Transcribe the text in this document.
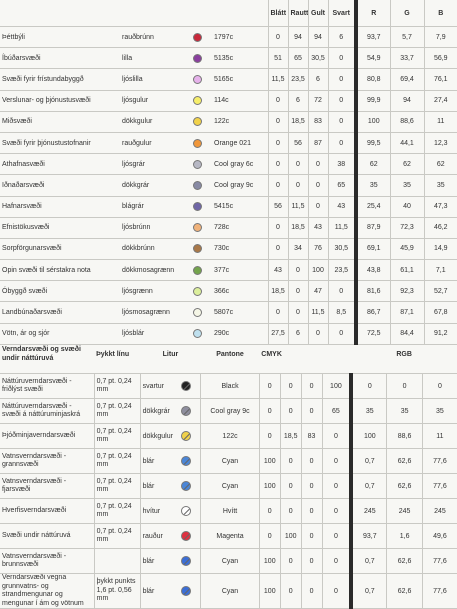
				Blátt	Rautt	Gult	Svart	R	G	B
Þéttbýli	rauðbrúnn		1797c	0	94	94	6	93,7	5,7	7,9
Íbúðarsvæði	lilla		5135c	51	65	30,5	0	54,9	33,7	56,9
Svæði fyrir frístundabyggð	ljóslilla		5165c	11,5	23,5	6	0	80,8	69,4	76,1
Verslunar- og þjónustusvæði	ljósgulur		114c	0	6	72	0	99,9	94	27,4
Miðsvæði	dökkgulur		122c	0	18,5	83	0	100	88,6	11
Svæði fyrir þjónustustofnanir	rauðgulur		Orange 021	0	56	87	0	99,5	44,1	12,3
Athafnasvæði	ljósgrár		Cool gray 6c	0	0	0	38	62	62	62
Iðnaðarsvæði	dökkgrár		Cool gray 9c	0	0	0	65	35	35	35
Hafnarsvæði	blágrár		5415c	56	11,5	0	43	25,4	40	47,3
Efnistökusvæði	ljósbrúnn		728c	0	18,5	43	11,5	87,9	72,3	46,2
Sorpförgunarsvæði	dökkbrúnn		730c	0	34	76	30,5	69,1	45,9	14,9
Opin svæði til sérstakra nota	dökkmosagrænn		377c	43	0	100	23,5	43,8	61,1	7,1
Óbyggð svæði	ljósgrænn		366c	18,5	0	47	0	81,6	92,3	52,7
Landbúnaðarsvæði	ljósmosagrænn		5807c	0	0	11,5	8,5	86,7	87,1	67,8
Vötn, ár og sjór	ljósblár		290c	27,5	6	0	0	72,5	84,4	91,2
Verndarsvæði og svæði undir náttúruvá	Þykkt línu	Litur	Pantone	CMYK				RGB		
Náttúruverndarsvæði - friðlýst svæði	0,7 pt. 0,24 mm	svartur	Black	0	0	0	100	0	0	0
Náttúruverndarsvæði - svæði á náttúruminjaskrá	0,7 pt. 0,24 mm	dökkgrár	Cool gray 9c	0	0	0	65	35	35	35
Þjóðminjaverndarsvæði	0,7 pt. 0,24 mm	dökkgulur	122c	0	18,5	83	0	100	88,6	11
Vatnsverndarsvæði - grannsvæði	0,7 pt. 0,24 mm	blár	Cyan	100	0	0	0	0,7	62,6	77,6
Vatnsverndarsvæði - fjarsvæði	0,7 pt. 0,24 mm	blár	Cyan	100	0	0	0	0,7	62,6	77,6
Hverfisverndarsvæði	0,7 pt. 0,24 mm	hvítur	Hvítt	0	0	0	0	245	245	245
Svæði undir náttúruvá	0,7 pt. 0,24 mm	rauður	Magenta	0	100	0	0	93,7	1,6	49,6
Vatnsverndarsvæði - brunnsvæði		blár	Cyan	100	0	0	0	0,7	62,6	77,6
Verndarsvæði vegna grunnvatns- og strandmengunar og mengunar í ám og vötnum	þykkt punkts 1,6 pt. 0,56 mm	blár	Cyan	100	0	0	0	0,7	62,6	77,6
